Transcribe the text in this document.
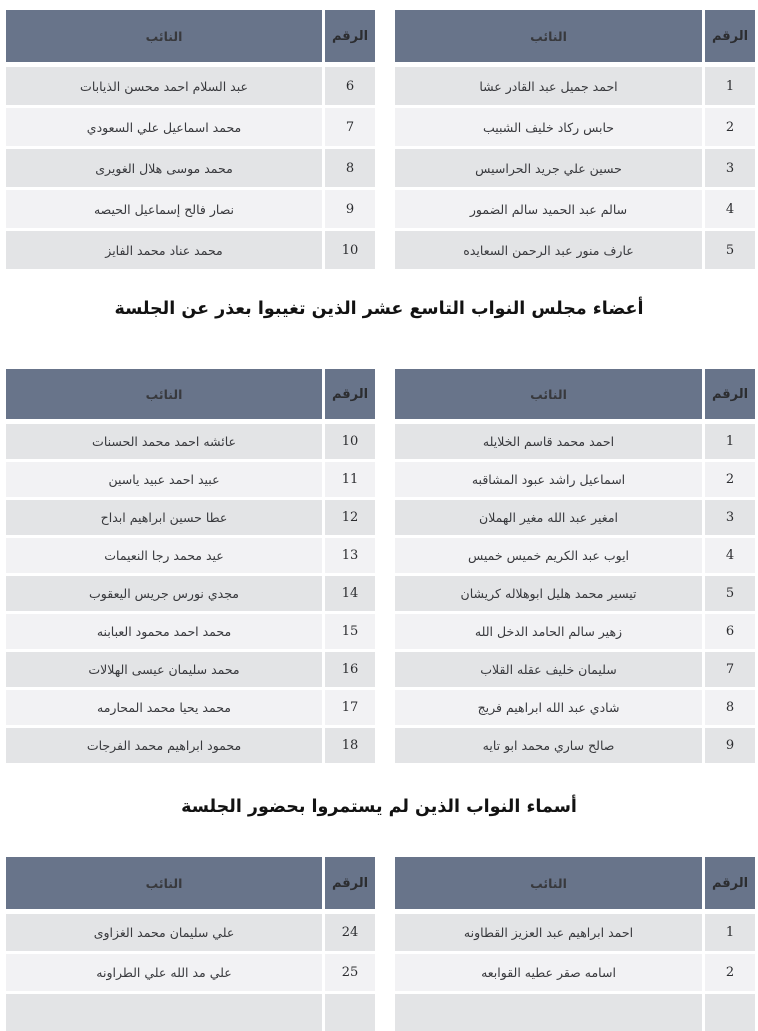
الرقم
النائب
1
احمد جميل عبد القادر عشا
2
حابس ركاد خليف الشبيب
3
حسين علي جريد الحراسيس
4
سالم عبد الحميد سالم الضمور
5
عارف منور عبد الرحمن السعايده
الرقم
النائب
6
عبد السلام احمد محسن الذيابات
7
محمد اسماعيل علي السعودي
8
محمد موسى هلال الغويرى
9
نصار فالح إسماعيل الحيصه
10
محمد عناد محمد الفايز
أعضاء مجلس النواب التاسع عشر الذين تغيبوا بعذر عن الجلسة
الرقم
النائب
1
احمد محمد قاسم الخلايله
2
اسماعيل راشد عبود المشاقبه
3
امغير عبد الله مغير الهملان
4
ايوب عبد الكريم خميس خميس
5
تيسير محمد هليل ابوهلاله كريشان
6
زهير سالم الحامد الدخل الله
7
سليمان خليف عقله القلاب
8
شادي عبد الله ابراهيم فريج
9
صالح ساري محمد ابو تايه
الرقم
النائب
10
عائشه احمد محمد الحسنات
11
عبيد احمد عبيد ياسين
12
عطا حسين ابراهيم ابداح
13
عيد محمد رجا النعيمات
14
مجدي نورس جريس اليعقوب
15
محمد احمد محمود العبابنه
16
محمد سليمان عيسى الهلالات
17
محمد يحيا محمد المحارمه
18
محمود ابراهيم محمد الفرجات
أسماء النواب الذين لم يستمروا بحضور الجلسة
الرقم
النائب
1
احمد ابراهيم عبد العزيز القطاونه
2
اسامه صقر عطيه القوابعه
الرقم
النائب
24
علي سليمان محمد الغزاوى
25
علي مد الله علي الطراونه
